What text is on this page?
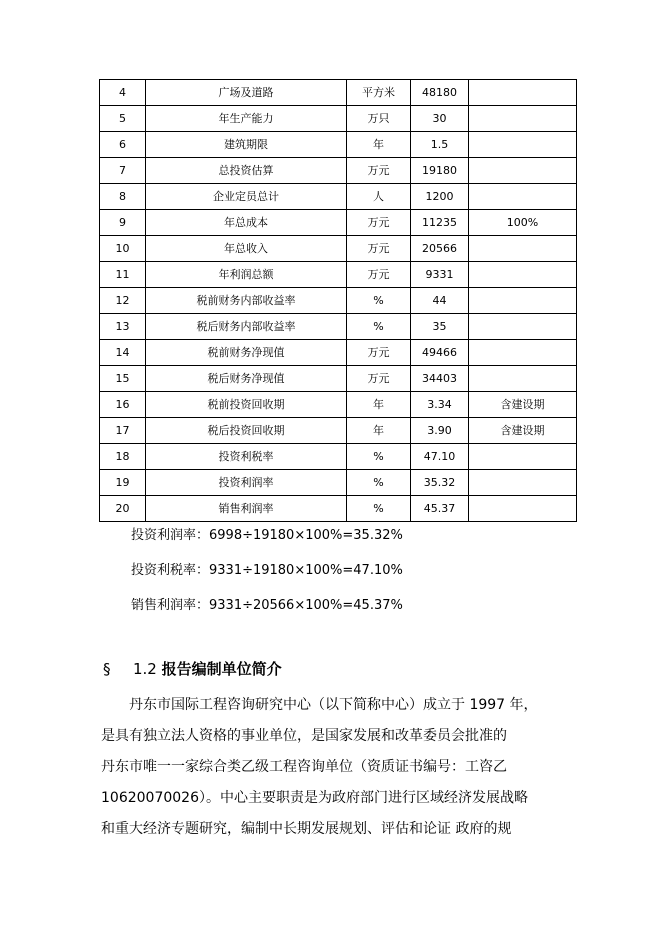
4	广场及道路	平方米	48180	
5	年生产能力	万只	30	
6	建筑期限	年	1.5	
7	总投资估算	万元	19180	
8	企业定员总计	人	1200	
9	年总成本	万元	11235	100%
10	年总收入	万元	20566	
11	年利润总额	万元	9331	
12	税前财务内部收益率	%	44	
13	税后财务内部收益率	%	35	
14	税前财务净现值	万元	49466	
15	税后财务净现值	万元	34403	
16	税前投资回收期	年	3.34	含建设期
17	税后投资回收期	年	3.90	含建设期
18	投资利税率	%	47.10	
19	投资利润率	%	35.32	
20	销售利润率	%	45.37	
投资利润率：6998÷19180×100%=35.32%
投资利税率：9331÷19180×100%=47.10%
销售利润率：9331÷20566×100%=45.37%
§ 1.2 报告编制单位简介

丹东市国际工程咨询研究中心（以下简称中心）成立于 1997 年，

是具有独立法人资格的事业单位，是国家发展和改革委员会批准的

丹东市唯一一家综合类乙级工程咨询单位（资质证书编号：工咨乙

10620070026）。中心主要职责是为政府部门进行区域经济发展战略

和重大经济专题研究，编制中长期发展规划、评估和论证 政府的规
